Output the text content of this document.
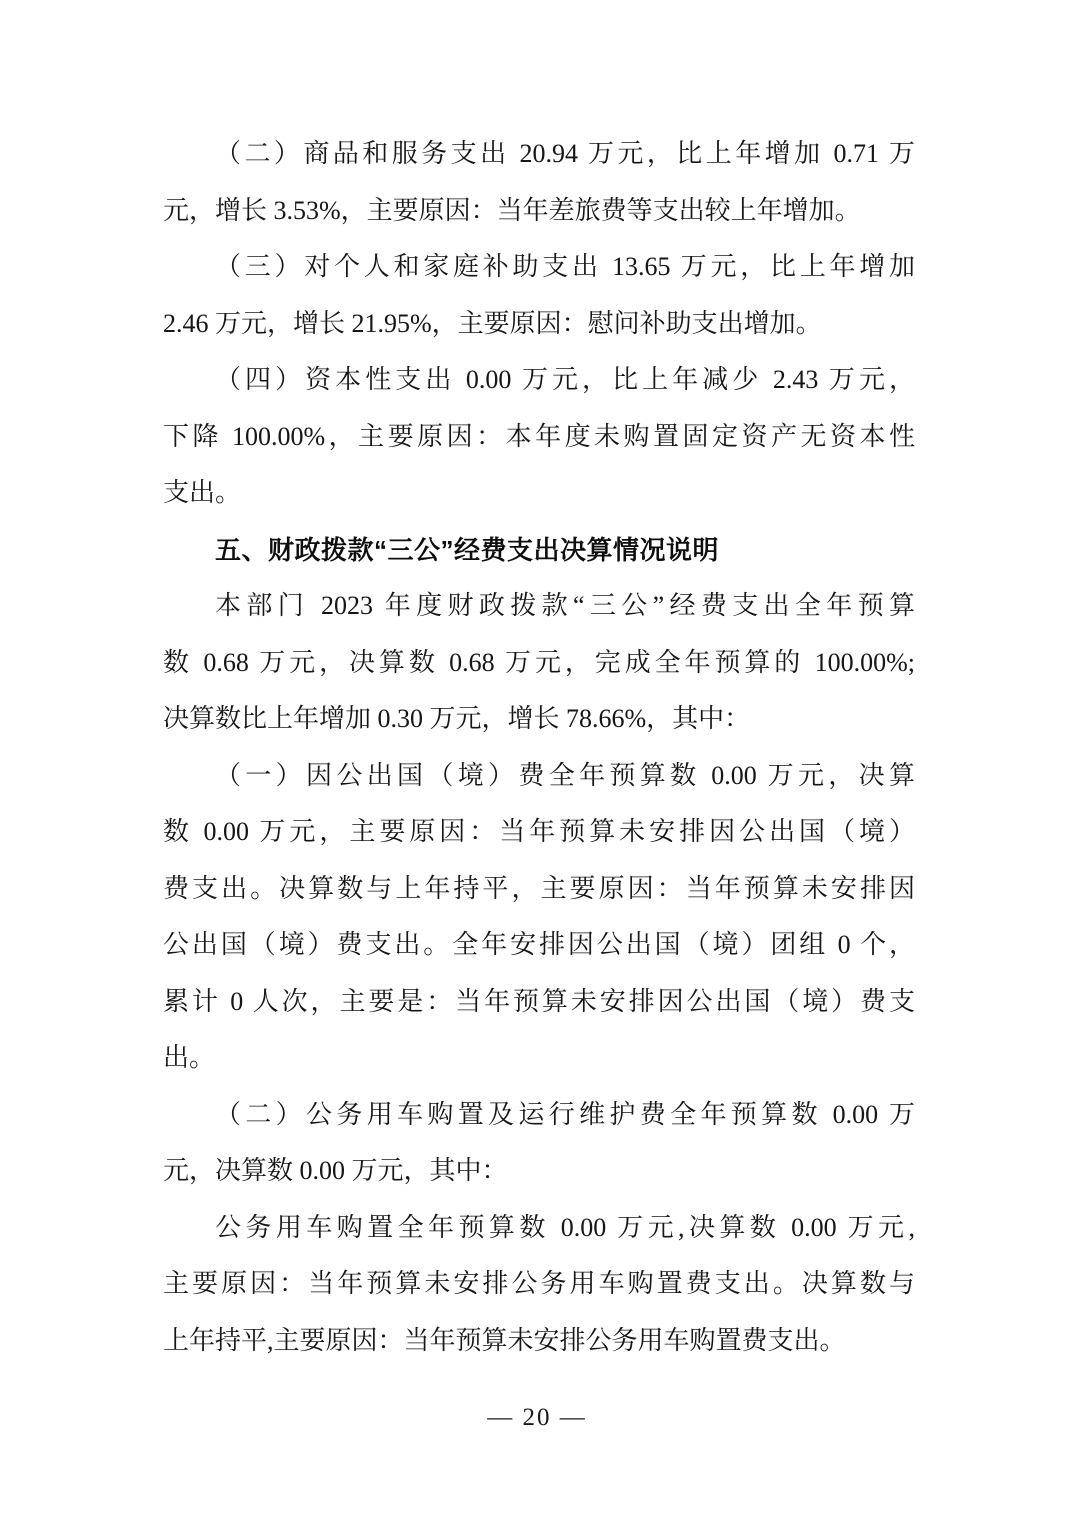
（二）商品和服务支出 20.94 万元，比上年增加 0.71 万
元，增长 3.53%，主要原因：当年差旅费等支出较上年增加。
（三）对个人和家庭补助支出 13.65 万元，比上年增加
2.46 万元，增长 21.95%，主要原因：慰问补助支出增加。
（四）资本性支出 0.00 万元，比上年减少 2.43 万元，
下降 100.00%，主要原因：本年度未购置固定资产无资本性
支出。
五、财政拨款“三公”经费支出决算情况说明
本部门 2023 年度财政拨款“三公”经费支出全年预算
数 0.68 万元，决算数 0.68 万元，完成全年预算的 100.00%;
决算数比上年增加 0.30 万元，增长 78.66%，其中：
（一）因公出国（境）费全年预算数 0.00 万元，决算
数 0.00 万元，主要原因：当年预算未安排因公出国（境）
费支出。决算数与上年持平，主要原因：当年预算未安排因
公出国（境）费支出。全年安排因公出国（境）团组 0 个，
累计 0 人次，主要是：当年预算未安排因公出国（境）费支
出。
（二）公务用车购置及运行维护费全年预算数 0.00 万
元，决算数 0.00 万元，其中：
公务用车购置全年预算数 0.00 万元,决算数 0.00 万元,
主要原因：当年预算未安排公务用车购置费支出。决算数与
上年持平,主要原因：当年预算未安排公务用车购置费支出。
— 20 —
